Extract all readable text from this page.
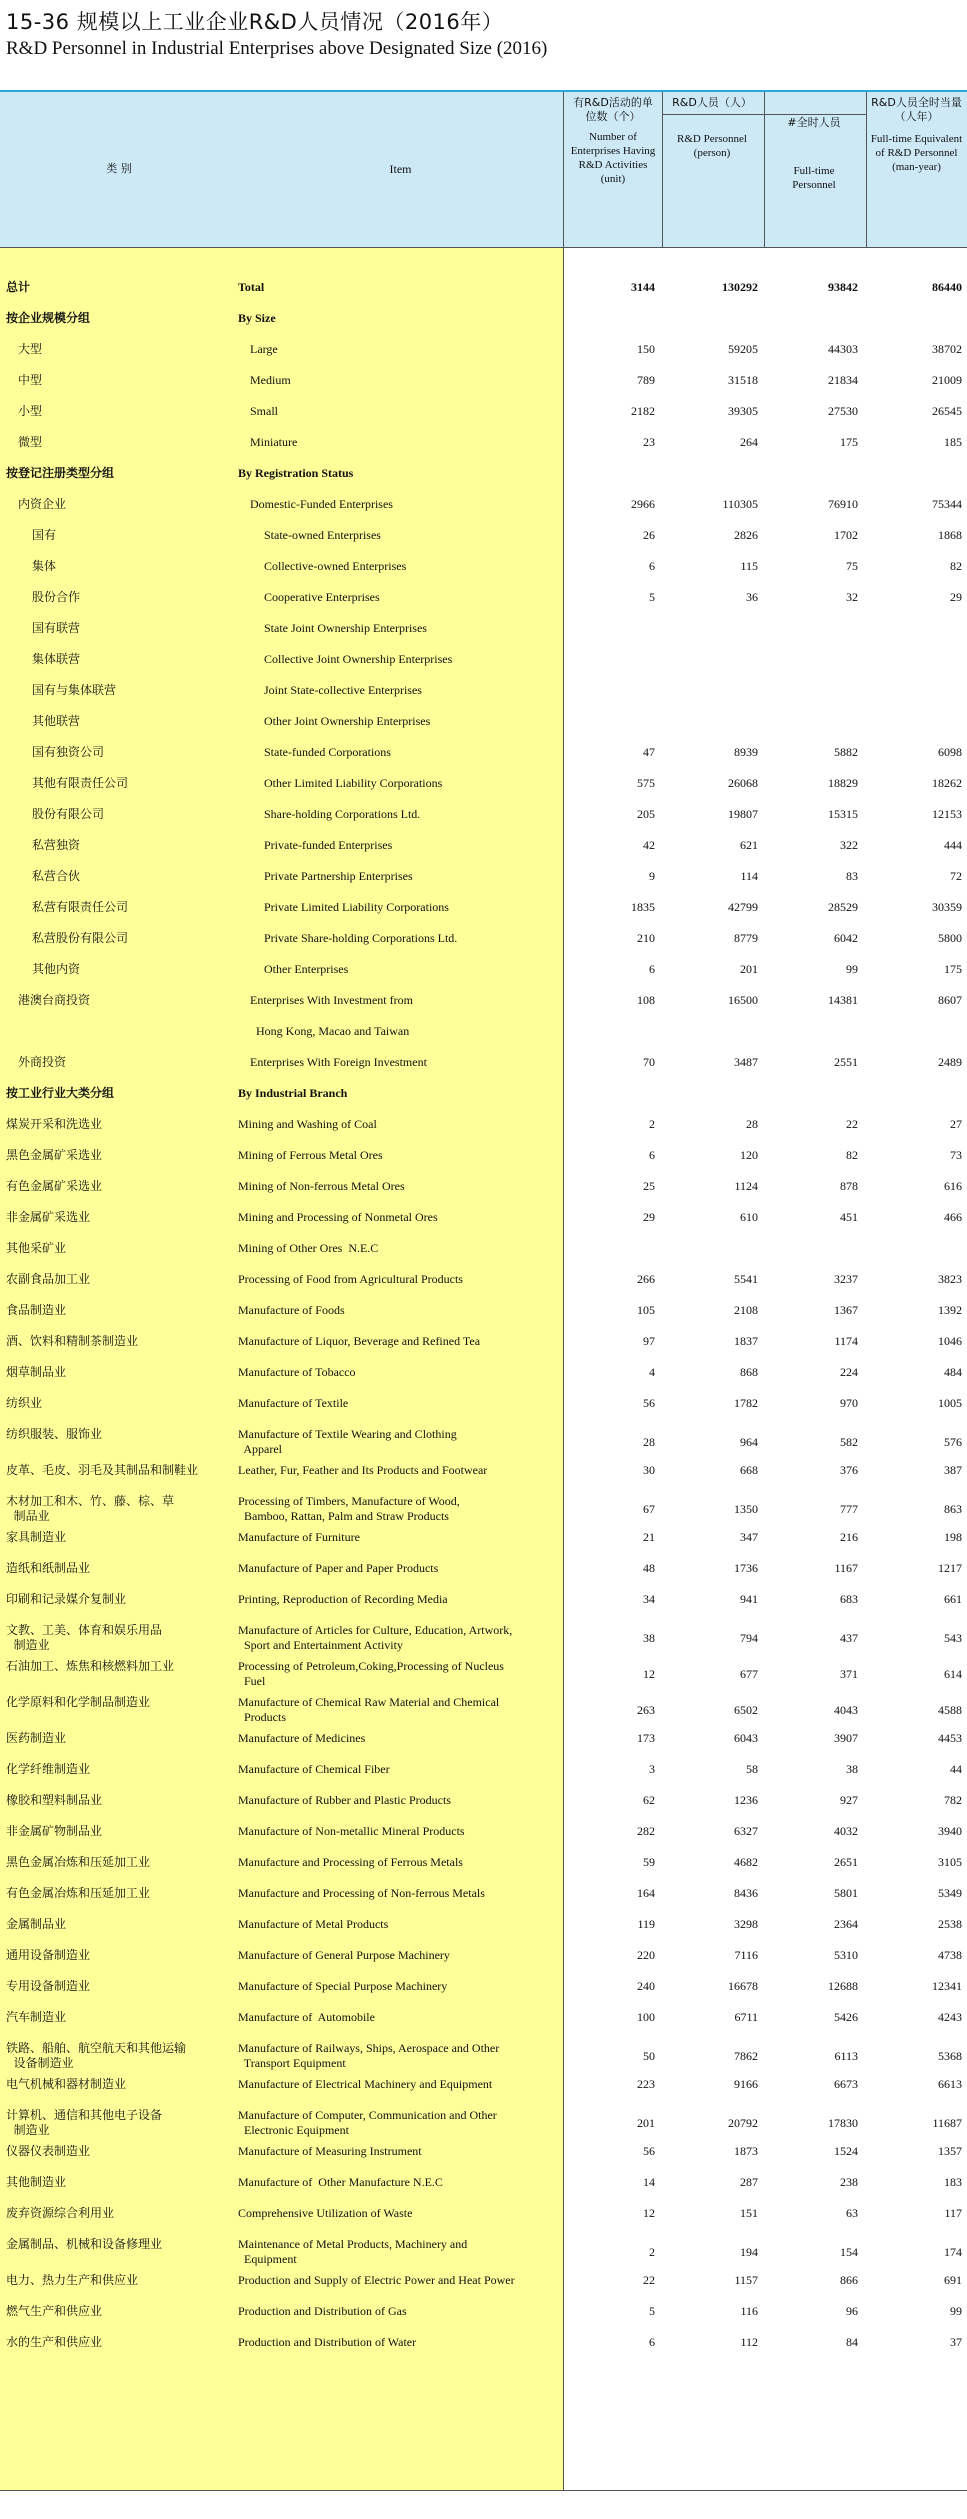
15-36 规模以上工业企业R&D人员情况（2016年）
R&D Personnel in Industrial Enterprises above Designated Size (2016)
类 别	Item
有R&D活动的单位数（个）
Number of Enterprises Having R&D Activities (unit)
R&D人员（人）
R&D Personnel (person)
#全时人员
Full-time Personnel
R&D人员全时当量（人年）
Full-time Equivalent of R&D Personnel (man-year)
总计	Total	3144	130292	93842	86440
按企业规模分组	By Size
大型	Large	150	59205	44303	38702
中型	Medium	789	31518	21834	21009
小型	Small	2182	39305	27530	26545
微型	Miniature	23	264	175	185
按登记注册类型分组	By Registration Status
内资企业	Domestic-Funded Enterprises	2966	110305	76910	75344
国有	State-owned Enterprises	26	2826	1702	1868
集体	Collective-owned Enterprises	6	115	75	82
股份合作	Cooperative Enterprises	5	36	32	29
国有联营	State Joint Ownership Enterprises
集体联营	Collective Joint Ownership Enterprises
国有与集体联营	Joint State-collective Enterprises
其他联营	Other Joint Ownership Enterprises
国有独资公司	State-funded Corporations	47	8939	5882	6098
其他有限责任公司	Other Limited Liability Corporations	575	26068	18829	18262
股份有限公司	Share-holding Corporations Ltd.	205	19807	15315	12153
私营独资	Private-funded Enterprises	42	621	322	444
私营合伙	Private Partnership Enterprises	9	114	83	72
私营有限责任公司	Private Limited Liability Corporations	1835	42799	28529	30359
私营股份有限公司	Private Share-holding Corporations Ltd.	210	8779	6042	5800
其他内资	Other Enterprises	6	201	99	175
港澳台商投资	Enterprises With Investment from	108	16500	14381	8607
Hong Kong, Macao and Taiwan
外商投资	Enterprises With Foreign Investment	70	3487	2551	2489
按工业行业大类分组	By Industrial Branch
煤炭开采和洗选业	Mining and Washing of Coal	2	28	22	27
黑色金属矿采选业	Mining of Ferrous Metal Ores	6	120	82	73
有色金属矿采选业	Mining of Non-ferrous Metal Ores	25	1124	878	616
非金属矿采选业	Mining and Processing of Nonmetal Ores	29	610	451	466
其他采矿业	Mining of Other Ores  N.E.C
农副食品加工业	Processing of Food from Agricultural Products	266	5541	3237	3823
食品制造业	Manufacture of Foods	105	2108	1367	1392
酒、饮料和精制茶制造业	Manufacture of Liquor, Beverage and Refined Tea	97	1837	1174	1046
烟草制品业	Manufacture of Tobacco	4	868	224	484
纺织业	Manufacture of Textile	56	1782	970	1005
纺织服装、服饰业	Manufacture of Textile Wearing and Clothing
Apparel	28	964	582	576
皮革、毛皮、羽毛及其制品和制鞋业	Leather, Fur, Feather and Its Products and Footwear	30	668	376	387
木材加工和木、竹、藤、棕、草
制品业
Processing of Timbers, Manufacture of Wood,
Bamboo, Rattan, Palm and Straw Products	67	1350	777	863
家具制造业	Manufacture of Furniture	21	347	216	198
造纸和纸制品业	Manufacture of Paper and Paper Products	48	1736	1167	1217
印刷和记录媒介复制业	Printing, Reproduction of Recording Media	34	941	683	661
文教、工美、体育和娱乐用品
制造业
Manufacture of Articles for Culture, Education, Artwork,
Sport and Entertainment Activity	38	794	437	543
石油加工、炼焦和核燃料加工业	Processing of Petroleum,Coking,Processing of Nucleus
Fuel	12	677	371	614
化学原料和化学制品制造业	Manufacture of Chemical Raw Material and Chemical
Products	263	6502	4043	4588
医药制造业	Manufacture of Medicines	173	6043	3907	4453
化学纤维制造业	Manufacture of Chemical Fiber	3	58	38	44
橡胶和塑料制品业	Manufacture of Rubber and Plastic Products	62	1236	927	782
非金属矿物制品业	Manufacture of Non-metallic Mineral Products	282	6327	4032	3940
黑色金属冶炼和压延加工业	Manufacture and Processing of Ferrous Metals	59	4682	2651	3105
有色金属冶炼和压延加工业	Manufacture and Processing of Non-ferrous Metals	164	8436	5801	5349
金属制品业	Manufacture of Metal Products	119	3298	2364	2538
通用设备制造业	Manufacture of General Purpose Machinery	220	7116	5310	4738
专用设备制造业	Manufacture of Special Purpose Machinery	240	16678	12688	12341
汽车制造业	Manufacture of  Automobile	100	6711	5426	4243
铁路、船舶、航空航天和其他运输
设备制造业
Manufacture of Railways, Ships, Aerospace and Other
Transport Equipment	50	7862	6113	5368
电气机械和器材制造业	Manufacture of Electrical Machinery and Equipment	223	9166	6673	6613
计算机、通信和其他电子设备
制造业
Manufacture of Computer, Communication and Other
Electronic Equipment	201	20792	17830	11687
仪器仪表制造业	Manufacture of Measuring Instrument	56	1873	1524	1357
其他制造业	Manufacture of  Other Manufacture N.E.C	14	287	238	183
废弃资源综合利用业	Comprehensive Utilization of Waste	12	151	63	117
金属制品、机械和设备修理业	Maintenance of Metal Products, Machinery and
Equipment	2	194	154	174
电力、热力生产和供应业	Production and Supply of Electric Power and Heat Power	22	1157	866	691
燃气生产和供应业	Production and Distribution of Gas	5	116	96	99
水的生产和供应业	Production and Distribution of Water	6	112	84	37
